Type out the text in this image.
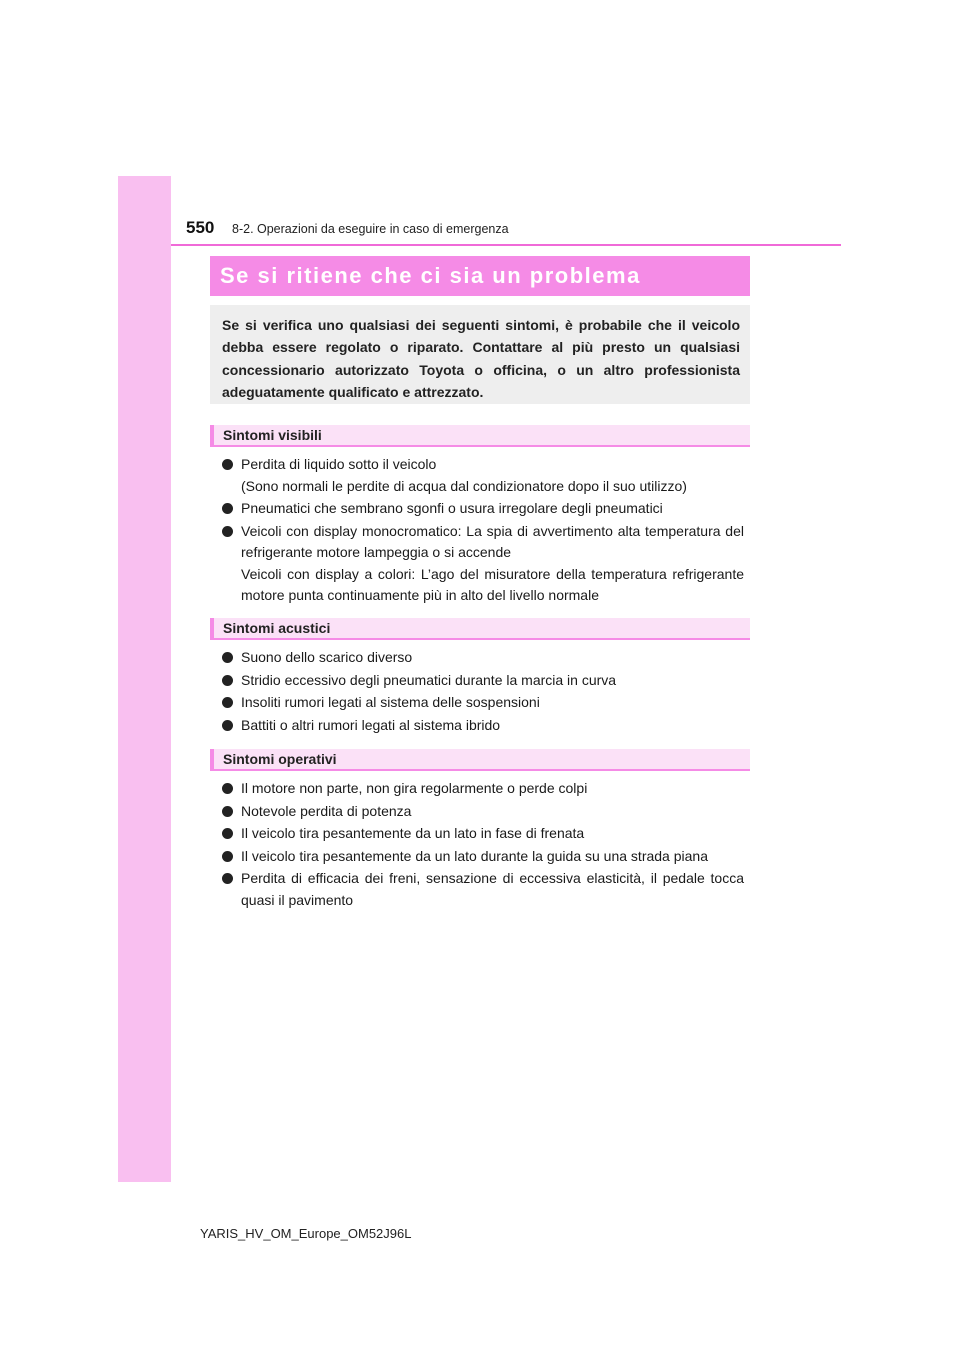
550 8-2. Operazioni da eseguire in caso di emergenza
Se si ritiene che ci sia un problema

Se si verifica uno qualsiasi dei seguenti sintomi, è probabile che il veicolo debba essere regolato o riparato. Contattare al più presto un qualsiasi concessionario autorizzato Toyota o officina, o un altro professionista adeguatamente qualificato e attrezzato.

Sintomi visibili
Perdita di liquido sotto il veicolo
(Sono normali le perdite di acqua dal condizionatore dopo il suo utilizzo)
Pneumatici che sembrano sgonfi o usura irregolare degli pneumatici
Veicoli con display monocromatico: La spia di avvertimento alta temperatura del refrigerante motore lampeggia o si accende
Veicoli con display a colori: L’ago del misuratore della temperatura refrigerante motore punta continuamente più in alto del livello normale
Sintomi acustici
Suono dello scarico diverso
Stridio eccessivo degli pneumatici durante la marcia in curva
Insoliti rumori legati al sistema delle sospensioni
Battiti o altri rumori legati al sistema ibrido
Sintomi operativi
Il motore non parte, non gira regolarmente o perde colpi
Notevole perdita di potenza
Il veicolo tira pesantemente da un lato in fase di frenata
Il veicolo tira pesantemente da un lato durante la guida su una strada piana
Perdita di efficacia dei freni, sensazione di eccessiva elasticità, il pedale tocca quasi il pavimento
YARIS_HV_OM_Europe_OM52J96L
